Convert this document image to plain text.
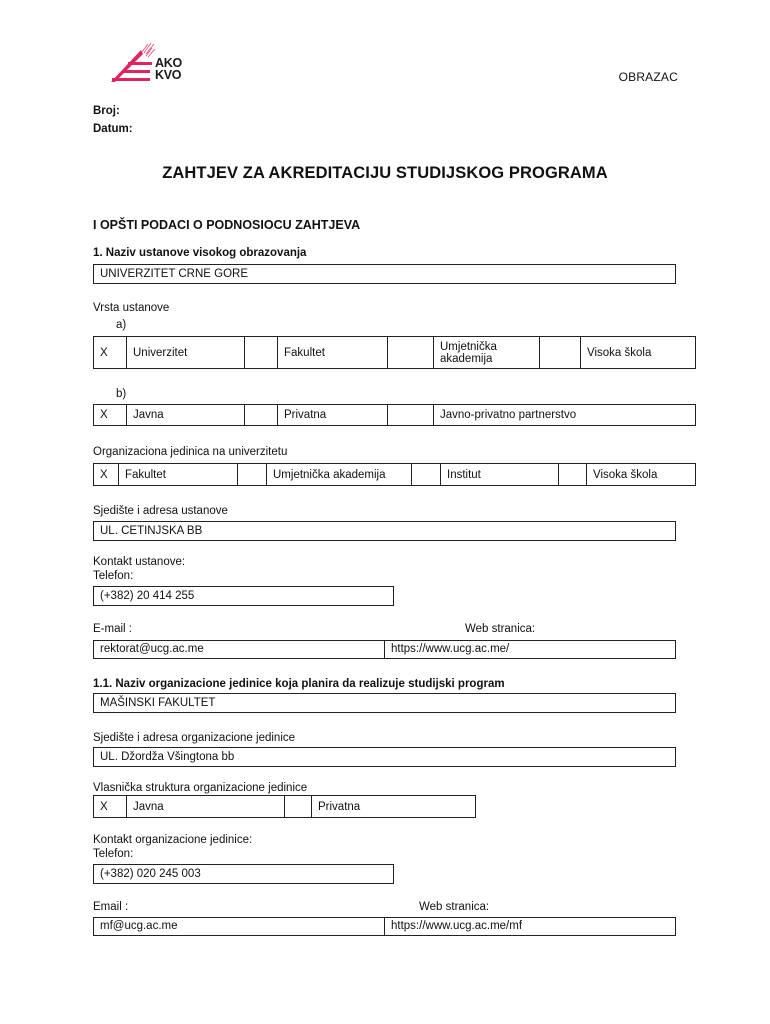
AKO
KVO	OBRAZAC
Broj:
Datum:
ZAHTJEV ZA AKREDITACIJU STUDIJSKOG PROGRAMA
I OPŠTI PODACI O PODNOSIOCU ZAHTJEVA
1. Naziv ustanove visokog obrazovanja
UNIVERZITET CRNE GORE
Vrsta ustanove
a)
X	Univerzitet	Fakultet	Umjetnička akademija	Visoka škola
b)
X	Javna	Privatna	Javno-privatno partnerstvo
Organizaciona jedinica na univerzitetu
X	Fakultet	Umjetnička akademija	Institut	Visoka škola
Sjedište i adresa ustanove
UL. CETINJSKA BB
Kontakt ustanove:
Telefon:
(+382) 20 414 255
E-mail :	Web stranica:
rektorat@ucg.ac.me	https://www.ucg.ac.me/
1.1. Naziv organizacione jedinice koja planira da realizuje studijski program
MAŠINSKI FAKULTET
Sjedište i adresa organizacione jedinice
UL. Džordža Všingtona bb
Vlasnička struktura organizacione jedinice
X	Javna	Privatna
Kontakt organizacione jedinice:
Telefon:
(+382) 020 245 003
Email :	Web stranica:
mf@ucg.ac.me	https://www.ucg.ac.me/mf
